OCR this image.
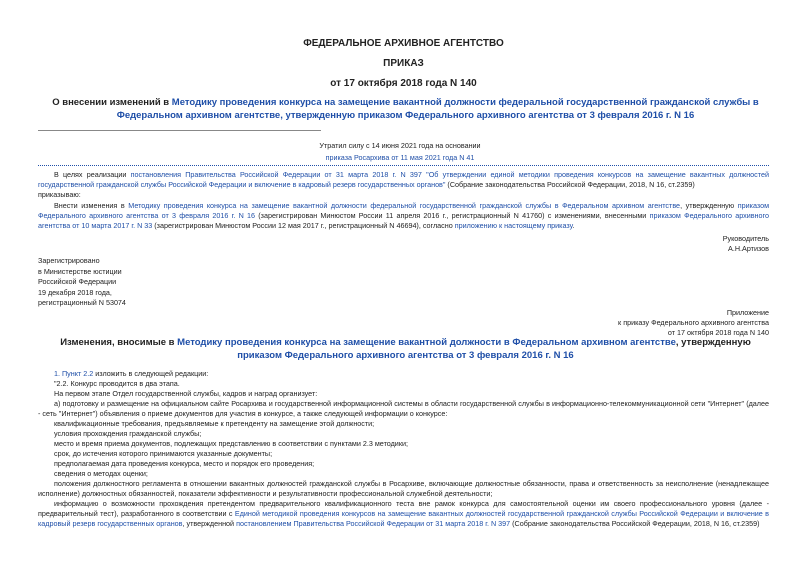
ФЕДЕРАЛЬНОЕ АРХИВНОЕ АГЕНТСТВО
ПРИКАЗ
от 17 октября 2018 года N 140
О внесении изменений в Методику проведения конкурса на замещение вакантной должности федеральной государственной гражданской службы в Федеральном архивном агентстве, утвержденную приказом Федерального архивного агентства от 3 февраля 2016 г. N 16

Утратил силу с 14 июня 2021 года на основании

приказа Росархива от 11 мая 2021 года N 41

В целях реализации постановления Правительства Российской Федерации от 31 марта 2018 г. N 397 "Об утверждении единой методики проведения конкурсов на замещение вакантных должностей государственной гражданской службы Российской Федерации и включение в кадровый резерв государственных органов" (Собрание законодательства Российской Федерации, 2018, N 16, ст.2359)

приказываю:

Внести изменения в Методику проведения конкурса на замещение вакантной должности федеральной государственной гражданской службы в Федеральном архивном агентстве, утвержденную приказом Федерального архивного агентства от 3 февраля 2016 г. N 16 (зарегистрирован Минюстом России 11 апреля 2016 г., регистрационный N 41760) с изменениями, внесенными приказом Федерального архивного агентства от 10 марта 2017 г. N 33 (зарегистрирован Минюстом России 12 мая 2017 г., регистрационный N 46694), согласно приложению к настоящему приказу.

Руководитель

А.Н.Артизов

Зарегистрировано

в Министерстве юстиции

Российской Федерации

19 декабря 2018 года,

регистрационный N 53074

Приложение

к приказу Федерального архивного агентства

от 17 октября 2018 года N 140

Изменения, вносимые в Методику проведения конкурса на замещение вакантной должности в Федеральном архивном агентстве, утвержденную приказом Федерального архивного агентства от 3 февраля 2016 г. N 16

1. Пункт 2.2 изложить в следующей редакции:

"2.2. Конкурс проводится в два этапа.

На первом этапе Отдел государственной службы, кадров и наград организует:

а) подготовку и размещение на официальном сайте Росархива и государственной информационной системы в области государственной службы в информационно-телекоммуникационной сети "Интернет" (далее - сеть "Интернет") объявления о приеме документов для участия в конкурсе, а также следующей информации о конкурсе:

квалификационные требования, предъявляемые к претенденту на замещение этой должности;

условия прохождения гражданской службы;

место и время приема документов, подлежащих представлению в соответствии с пунктами 2.3 методики;

срок, до истечения которого принимаются указанные документы;

предполагаемая дата проведения конкурса, место и порядок его проведения;

сведения о методах оценки;

положения должностного регламента в отношении вакантных должностей гражданской службы в Росархиве, включающие должностные обязанности, права и ответственность за неисполнение (ненадлежащее исполнение) должностных обязанностей, показатели эффективности и результативности профессиональной служебной деятельности;

информацию о возможности прохождения претендентом предварительного квалификационного теста вне рамок конкурса для самостоятельной оценки им своего профессионального уровня (далее - предварительный тест), разработанного в соответствии с Единой методикой проведения конкурсов на замещение вакантных должностей государственной гражданской службы Российской Федерации и включение в кадровый резерв государственных органов, утвержденной постановлением Правительства Российской Федерации от 31 марта 2018 г. N 397 (Собрание законодательства Российской Федерации, 2018, N 16, ст.2359)
